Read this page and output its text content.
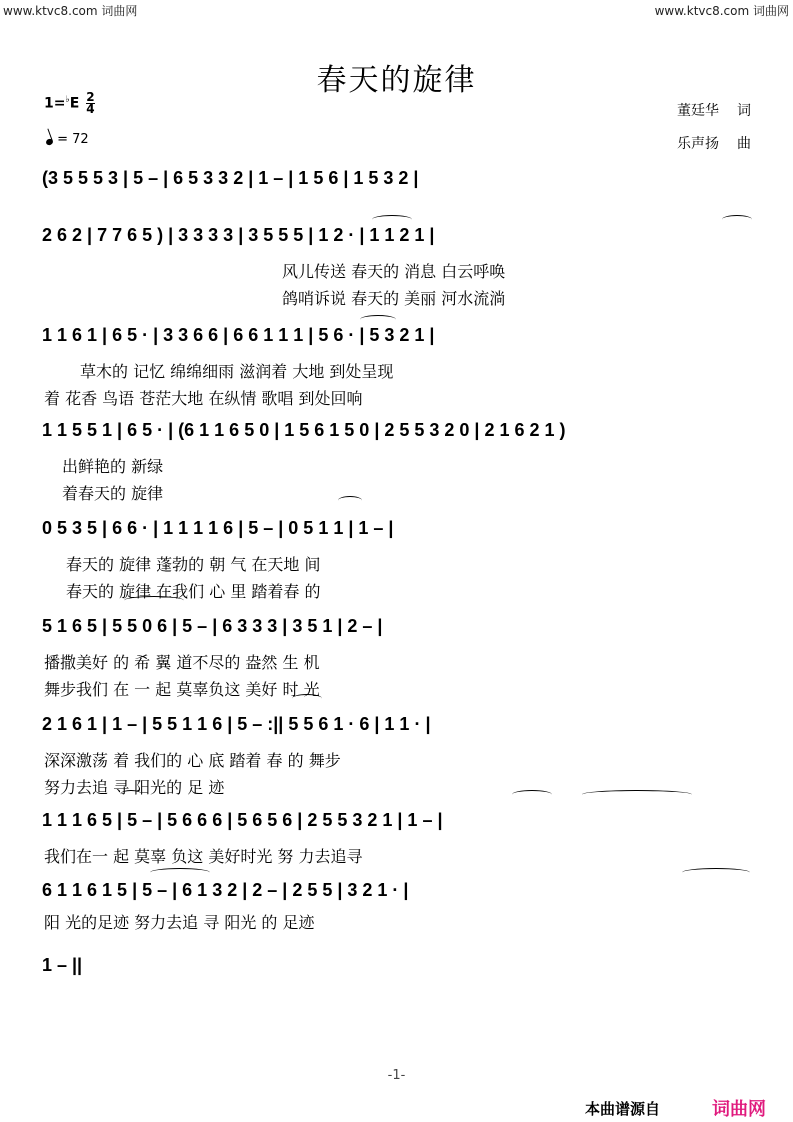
www.ktvc8.com 词曲网	www.ktvc8.com 词曲网
春天的旋律
$1=^♭E \frac{2}{4}$
= 72
董廷华 词
乐声扬 曲
(3 5 5 5 3 | 5 – | 6 5 3 3 2 | 1 – | 1 5 6 | 1 5 3 2 |
2 6 2 | 7 7 6 5 ) | 3 3 3 3 | 3 5 5 5 | 1 2 · | 1 1 2 1 |
风儿传送 春天的 消息 白云呼唤
鸽哨诉说 春天的 美丽 河水流淌
1 1 6 1 | 6 5 · | 3 3 6 6 | 6 6 1 1 1 | 5 6 · | 5 3 2 1 |
草木的 记忆 绵绵细雨 滋润着 大地 到处呈现
着 花香 鸟语 苍茫大地 在纵情 歌唱 到处回响
1 1 5 5 1 | 6 5 · | (6 1 1 6 5 0 | 1 5 6 1 5 0 | 2 5 5 3 2 0 | 2 1 6 2 1 )
出鲜艳的 新绿
着春天的 旋律
0 5 3 5 | 6 6 · | 1 1 1 1 6 | 5 – | 0 5 1 1 | 1 – |
春天的 旋律 蓬勃的 朝 气 在天地 间
春天的 旋律 在我们 心 里 踏着春 的
5 1 6 5 | 5 5 0 6 | 5 – | 6 3 3 3 | 3 5 1 | 2 – |
播撒美好 的 希 翼 道不尽的 盎然 生 机
舞步我们 在 一 起 莫辜负这 美好 时 光
2 1 6 1 | 1 – | 5 5 1 1 6 | 5 – :|| 5 5 6 1 · 6 | 1 1 · |
深深激荡 着 我们的 心 底 踏着 春 的 舞步
努力去追 寻 阳光的 足 迹
1 1 1 6 5 | 5 – | 5 6 6 6 | 5 6 5 6 | 2 5 5 3 2 1 | 1 – |
我们在一 起 莫辜 负这 美好时光 努 力去追寻
6 1 1 6 1 5 | 5 – | 6 1 3 2 | 2 – | 2 5 5 | 3 2 1 · |
阳 光的足迹 努力去追 寻 阳光 的 足迹
1 – ||
-1-
本曲谱源自	词曲网
